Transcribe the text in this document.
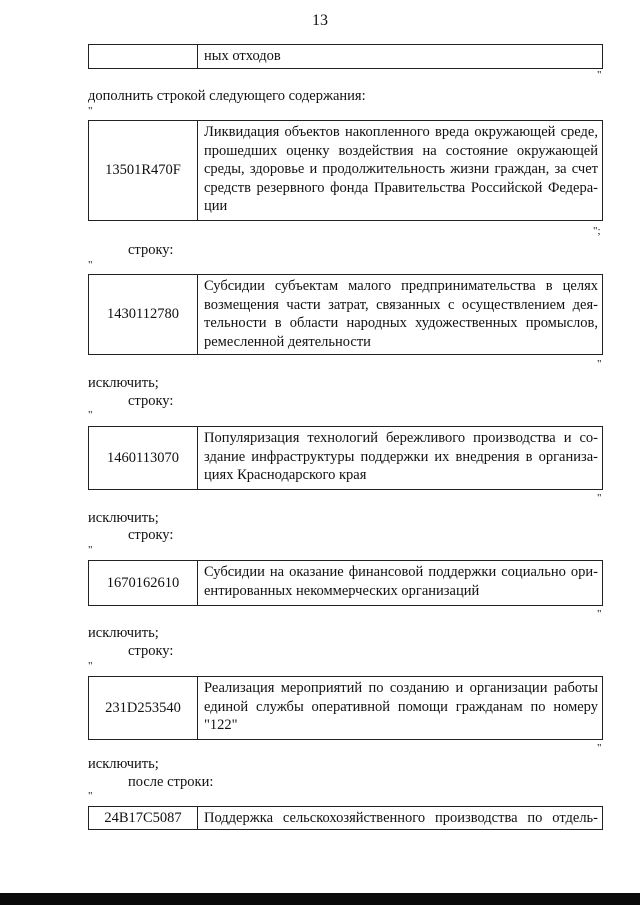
13
ных отходов
"
дополнить строкой следующего содержания:
"
13501R470F
Ликвидация объектов накопленного вреда окружающей среде, прошедших оценку воздействия на состояние окружающей среды, здоровье и продолжительность жизни граждан, за счет средств резервного фонда Правительства Российской Федера-ции
";
строку:
"
1430112780
Субсидии субъектам малого предпринимательства в целях возмещения части затрат, связанных с осуществлением дея-тельности в области народных художественных промыслов, ремесленной деятельности
"
исключить;
строку:
"
1460113070
Популяризация технологий бережливого производства и со-здание инфраструктуры поддержки их внедрения в организа-циях Краснодарского края
"
исключить;
строку:
"
1670162610
Субсидии на оказание финансовой поддержки социально ори-ентированных некоммерческих организаций
"
исключить;
строку:
"
231D253540
Реализация мероприятий по созданию и организации работы единой службы оперативной помощи гражданам по номеру "122"
"
исключить;
после строки:
"
24B17C5087	Поддержка сельскохозяйственного производства по отдель-
